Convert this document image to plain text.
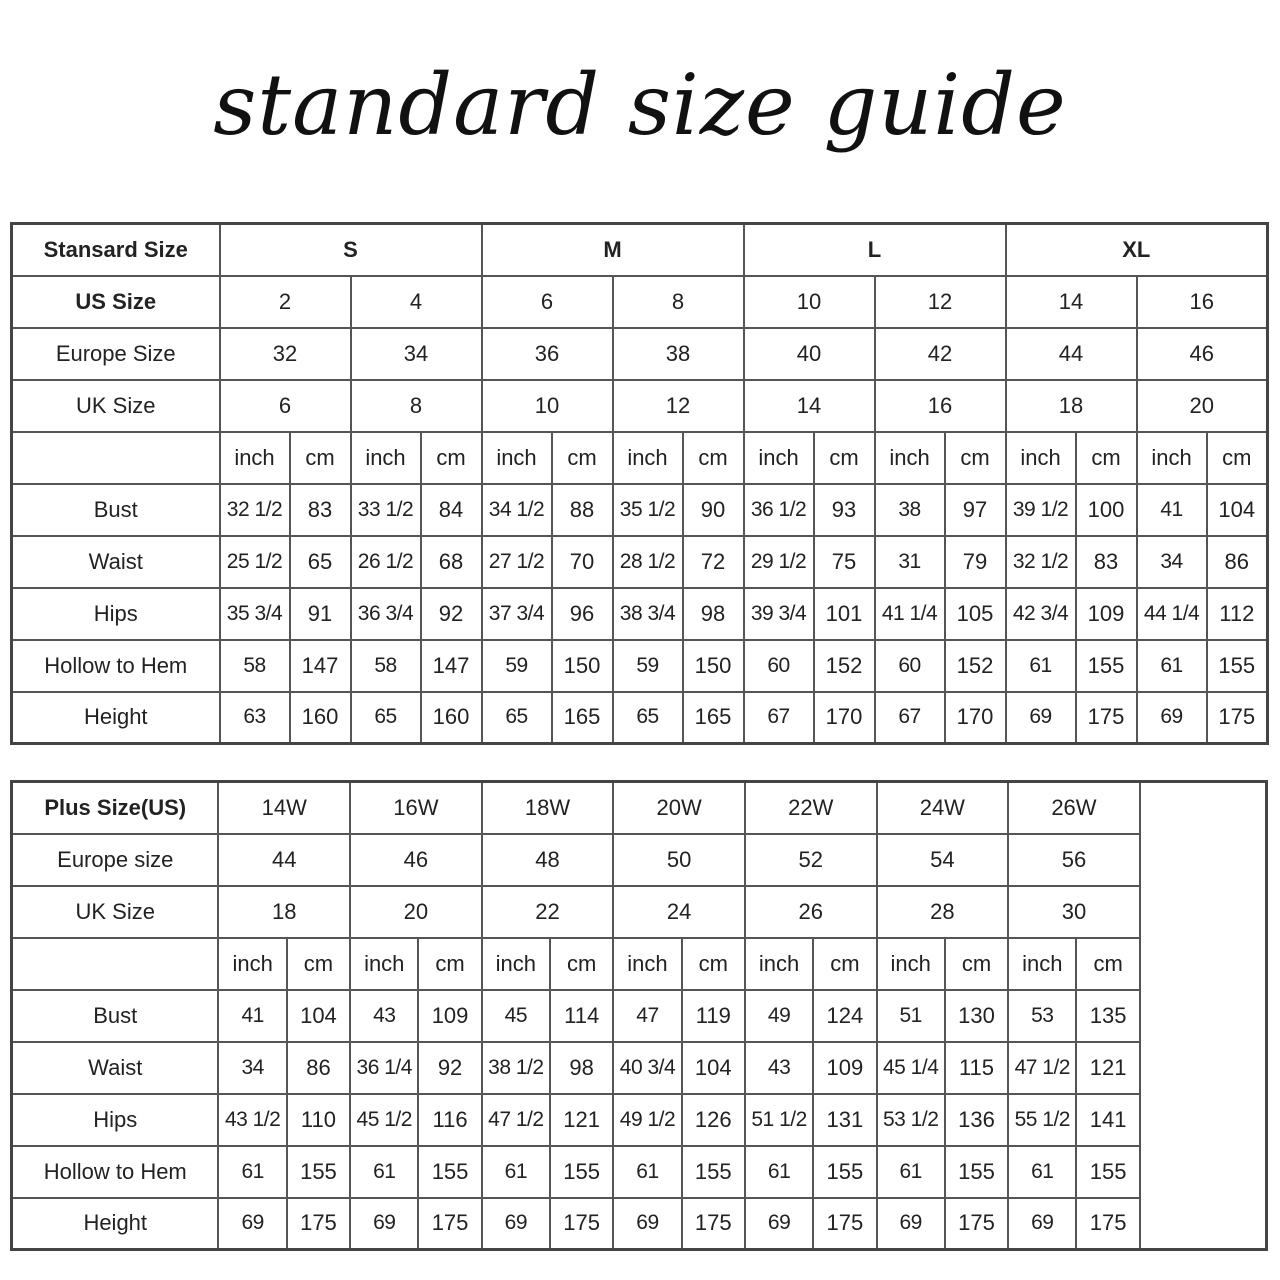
standard size guide
Stansard Size	S				M				L				XL			
US Size	2		4		6		8		10		12		14		16	
Europe Size	32		34		36		38		40		42		44		46	
UK Size	6		8		10		12		14		16		18		20	
	inch	cm	inch	cm	inch	cm	inch	cm	inch	cm	inch	cm	inch	cm	inch	cm
Bust	32 1/2	83	33 1/2	84	34 1/2	88	35 1/2	90	36 1/2	93	38	97	39 1/2	100	41	104
Waist	25 1/2	65	26 1/2	68	27 1/2	70	28 1/2	72	29 1/2	75	31	79	32 1/2	83	34	86
Hips	35 3/4	91	36 3/4	92	37 3/4	96	38 3/4	98	39 3/4	101	41 1/4	105	42 3/4	109	44 1/4	112
Hollow to Hem	58	147	58	147	59	150	59	150	60	152	60	152	61	155	61	155
Height	63	160	65	160	65	165	65	165	67	170	67	170	69	175	69	175
Plus Size(US)	14W		16W		18W		20W		22W		24W		26W		
Europe size	44		46		48		50		52		54		56		
UK Size	18		20		22		24		26		28		30		
	inch	cm	inch	cm	inch	cm	inch	cm	inch	cm	inch	cm	inch	cm	
Bust	41	104	43	109	45	114	47	119	49	124	51	130	53	135	
Waist	34	86	36 1/4	92	38 1/2	98	40 3/4	104	43	109	45 1/4	115	47 1/2	121	
Hips	43 1/2	110	45 1/2	116	47 1/2	121	49 1/2	126	51 1/2	131	53 1/2	136	55 1/2	141	
Hollow to Hem	61	155	61	155	61	155	61	155	61	155	61	155	61	155	
Height	69	175	69	175	69	175	69	175	69	175	69	175	69	175	
